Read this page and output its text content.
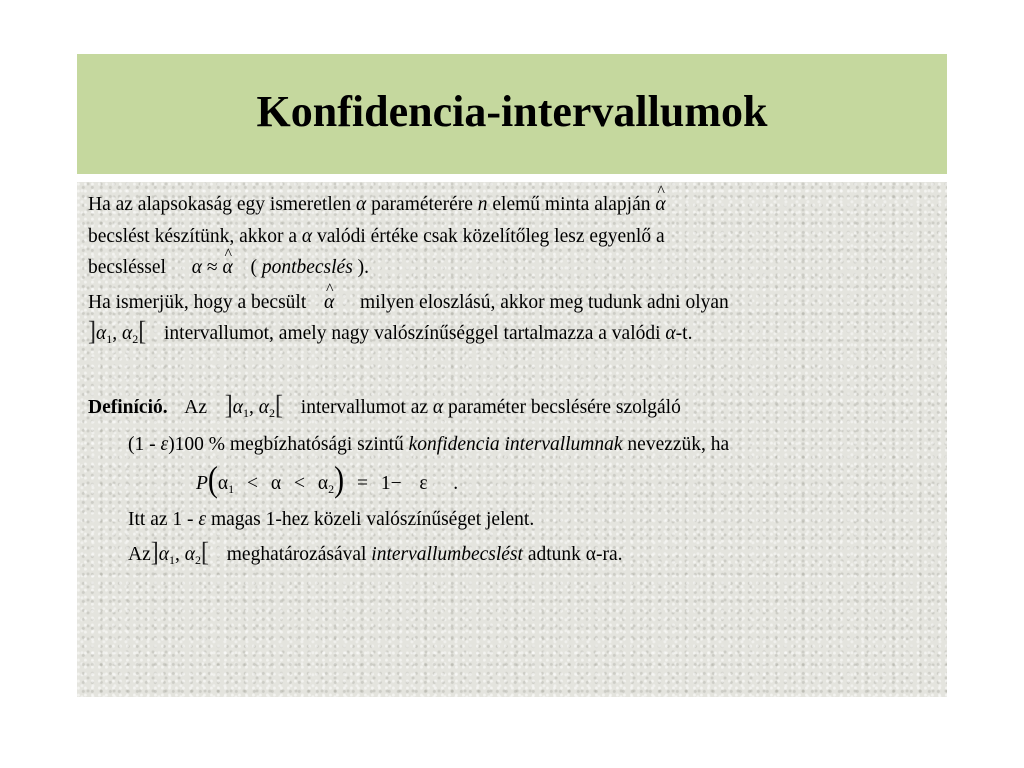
Konfidencia-intervallumok
Ha az alapsokaság egy ismeretlen α paraméterére n elemű minta alapján ^ α
becslést készítünk, akkor a α valódi értéke csak közelítőleg lesz egyenlő a
becsléssel α ≈ ^ α ( pontbecslés ).
Ha ismerjük, hogy a becsült ^ α milyen eloszlású, akkor meg tudunk adni olyan
]$\alpha_1$, $\alpha_2$[ intervallumot, amely nagy valószínűséggel tartalmazza a valódi α-t.
Definíció. Az ]$\alpha_1$, $\alpha_2$[ intervallumot az α paraméter becslésére szolgáló
(1 - ε)100 % megbízhatósági szintű konfidencia intervallumnak nevezzük, ha
$P(\alpha_1 < \alpha < \alpha_2) = 1- \varepsilon$ .
Itt az 1 - ε magas 1-hez közeli valószínűséget jelent.
$Az]\alpha_1$, $\alpha_2$[ meghatározásával intervallumbecslést adtunk α-ra.
